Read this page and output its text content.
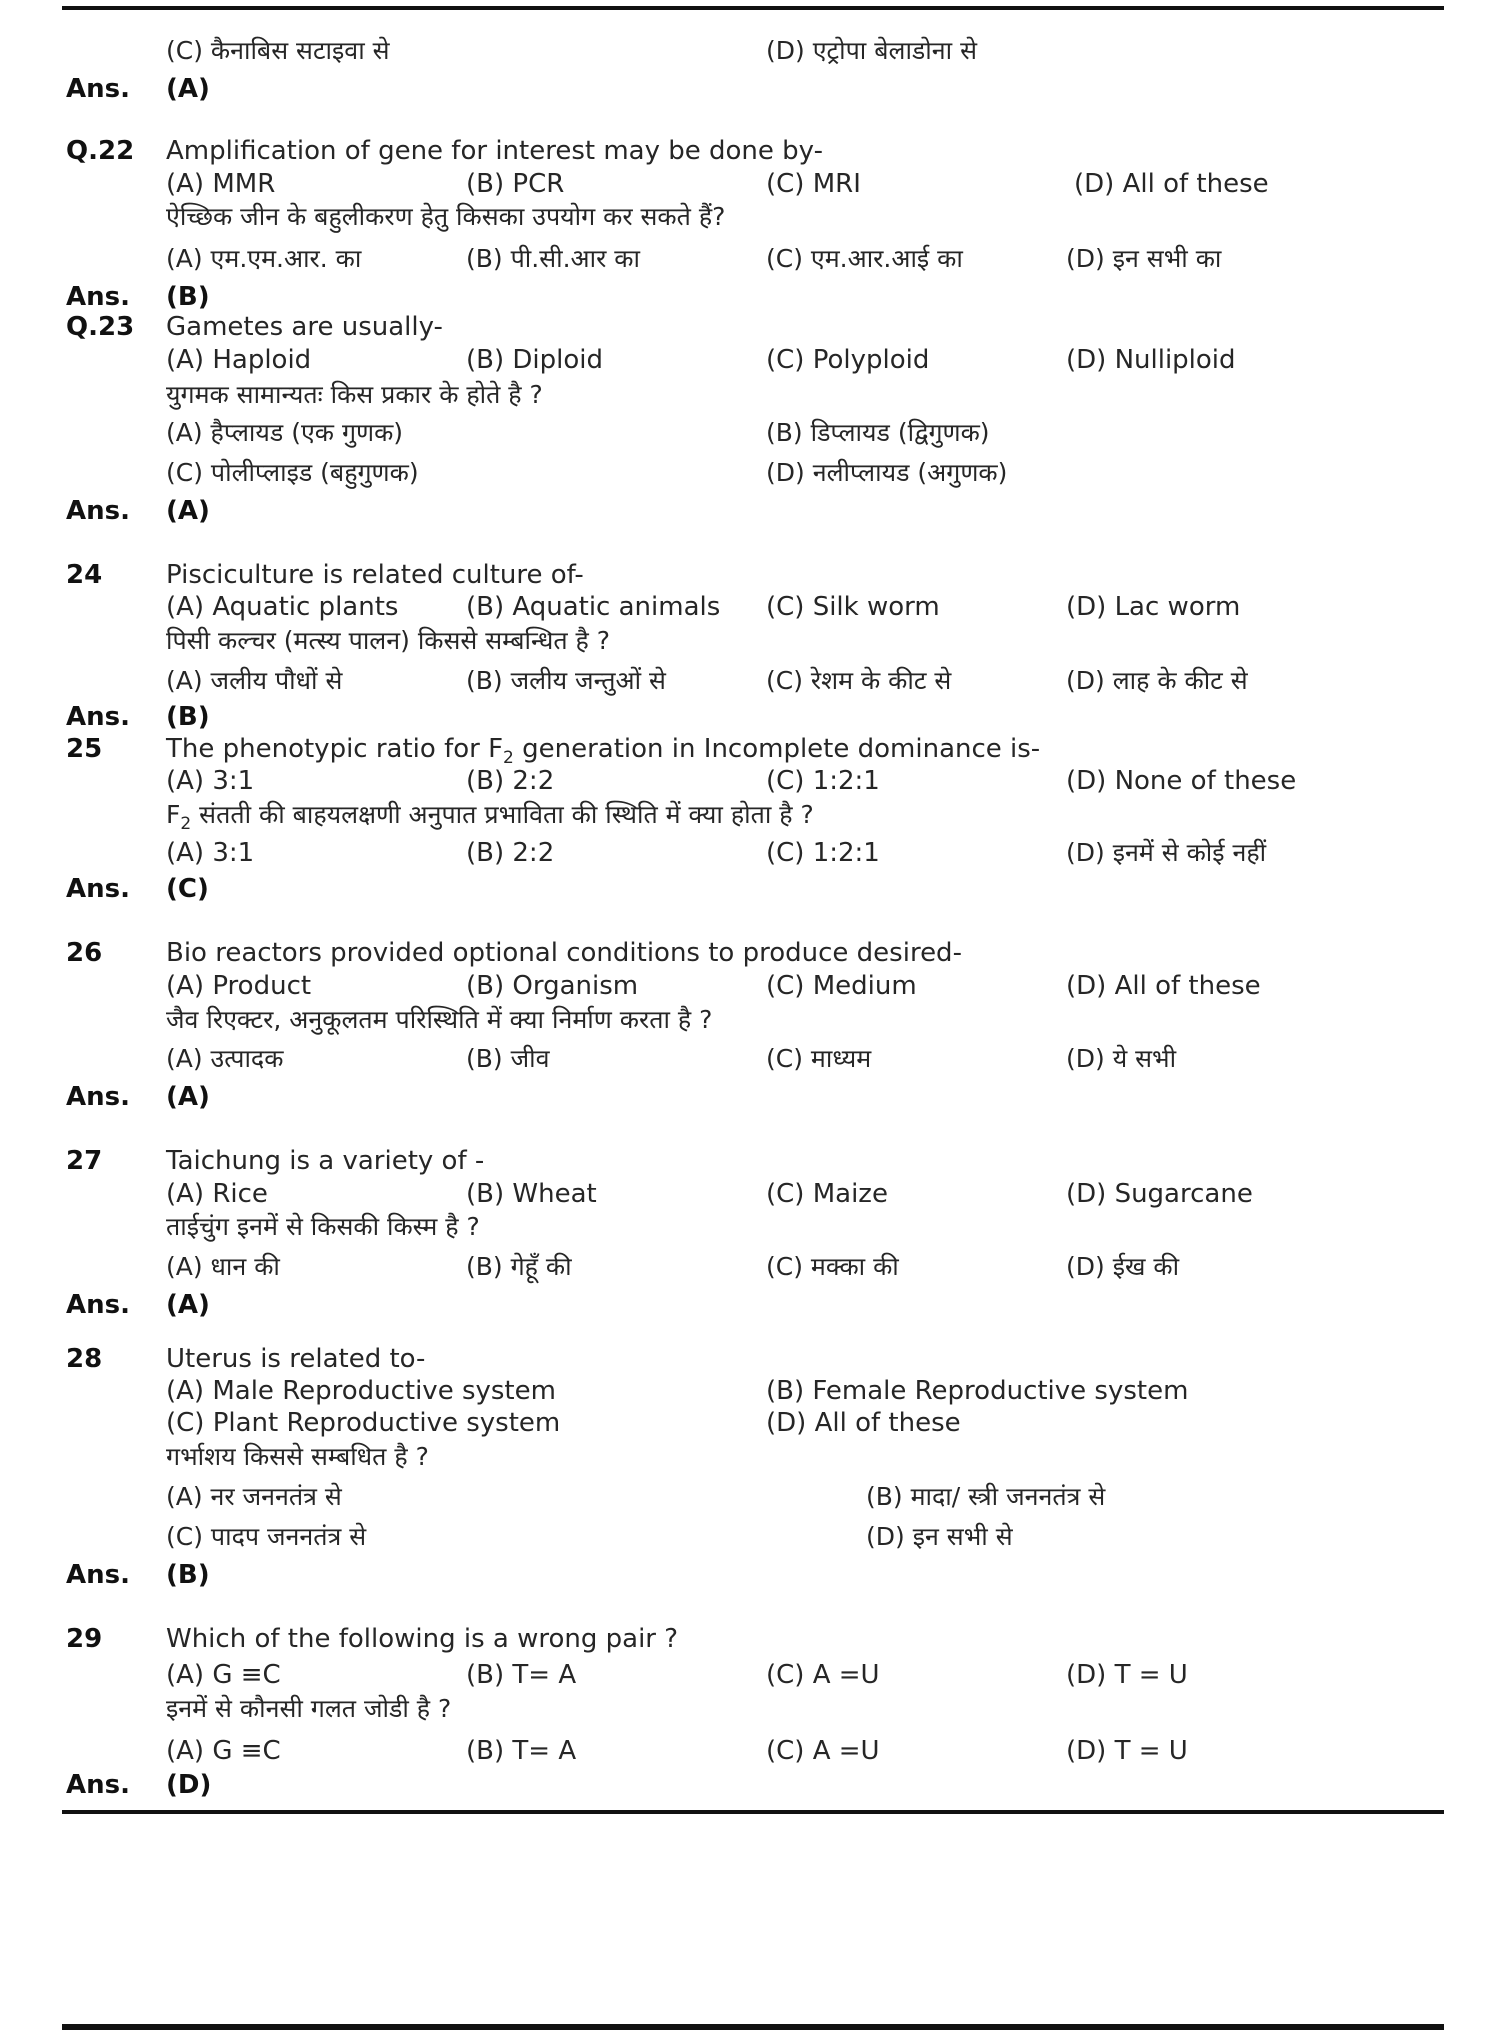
(C) कैनाबिस सटाइवा से	(D) एट्रोपा बेलाडोना से
Ans. (A)
Q.22 Amplification of gene for interest may be done by-
(A) MMR	(B) PCR	(C) MRI	(D) All of these
ऐच्छिक जीन के बहुलीकरण हेतु किसका उपयोग कर सकते हैं?
(A) एम.एम.आर. का	(B) पी.सी.आर का	(C) एम.आर.आई का	(D) इन सभी का
Ans. (B)
Q.23 Gametes are usually-
(A) Haploid	(B) Diploid	(C) Polyploid	(D) Nulliploid
युगमक सामान्यतः किस प्रकार के होते है ?
(A) हैप्लायड (एक गुणक)	(B) डिप्लायड (द्विगुणक)
(C) पोलीप्लाइड (बहुगुणक)	(D) नलीप्लायड (अगुणक)
Ans. (A)
24 Pisciculture is related culture of-
(A) Aquatic plants	(B) Aquatic animals (C) Silk worm	(D) Lac worm
पिसी कल्चर (मत्स्य पालन) किससे सम्बन्धित है ?
(A) जलीय पौधों से	(B) जलीय जन्तुओं से	(C) रेशम के कीट से	(D) लाह के कीट से
Ans. (B)
25 The phenotypic ratio for $F_2$ generation in Incomplete dominance is-
(A) 3:1	(B) 2:2	(C) 1:2:1	(D) None of these
$F_2$ संतती की बाहयलक्षणी अनुपात प्रभाविता की स्थिति में क्या होता है ?
(A) 3:1	(B) 2:2	(C) 1:2:1	(D) इनमें से कोई नहीं
Ans. (C)
26 Bio reactors provided optional conditions to produce desired-
(A) Product	(B) Organism	(C) Medium	(D) All of these
जैव रिएक्टर, अनुकूलतम परिस्थिति में क्या निर्माण करता है ?
(A) उत्पादक	(B) जीव	(C) माध्यम	(D) ये सभी
Ans. (A)
27 Taichung is a variety of -
(A) Rice	(B) Wheat	(C) Maize	(D) Sugarcane
ताईचुंग इनमें से किसकी किस्म है ?
(A) धान की	(B) गेहूँ की	(C) मक्का की	(D) ईख की
Ans. (A)
28 Uterus is related to-
(A) Male Reproductive system	(B) Female Reproductive system
(C) Plant Reproductive system	(D) All of these
गर्भाशय किससे सम्बधित है ?
(A) नर जननतंत्र से	(B) मादा/ स्त्री जननतंत्र से
(C) पादप जननतंत्र से	(D) इन सभी से
Ans. (B)
29 Which of the following is a wrong pair ?
(A) G ≡C	(B) T= A	(C) A =U	(D) T = U
इनमें से कौनसी गलत जोडी है ?
(A) G ≡C	(B) T= A	(C) A =U	(D) T = U
Ans. (D)
